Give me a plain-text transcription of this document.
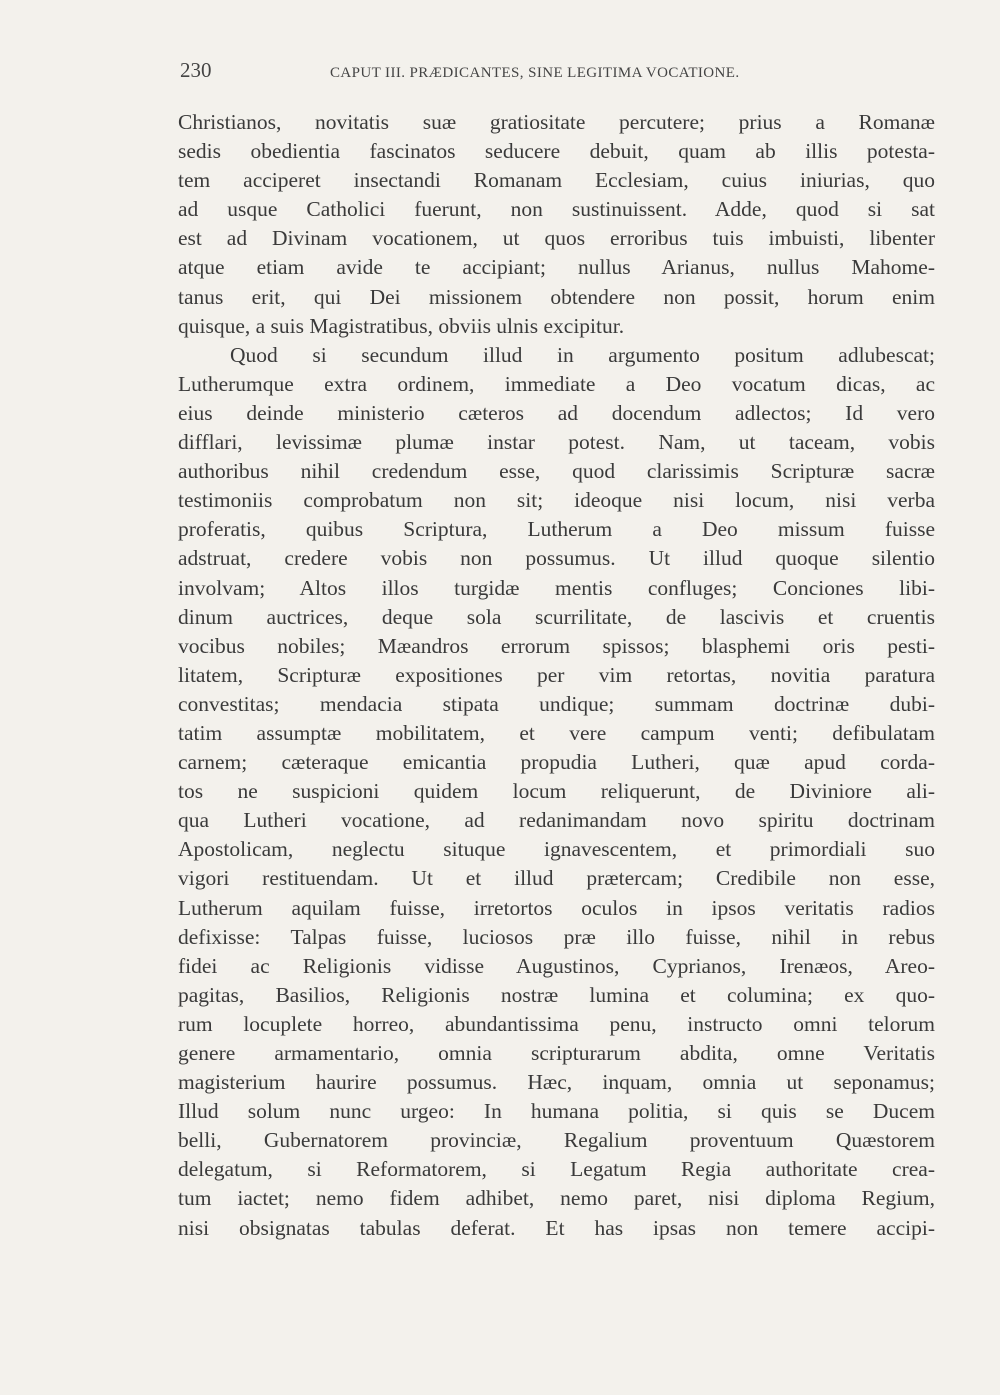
230	CAPUT III. PRÆDICANTES, SINE LEGITIMA VOCATIONE.
Christianos, novitatis suæ gratiositate percutere; prius a Romanæ
sedis obedientia fascinatos seducere debuit, quam ab illis potesta-
tem acciperet insectandi Romanam Ecclesiam, cuius iniurias, quo
ad usque Catholici fuerunt, non sustinuissent. Adde, quod si sat
est ad Divinam vocationem, ut quos erroribus tuis imbuisti, libenter
atque etiam avide te accipiant; nullus Arianus, nullus Mahome-
tanus erit, qui Dei missionem obtendere non possit, horum enim
quisque, a suis Magistratibus, obviis ulnis excipitur.
Quod si secundum illud in argumento positum adlubescat;
Lutherumque extra ordinem, immediate a Deo vocatum dicas, ac
eius deinde ministerio cæteros ad docendum adlectos; Id vero
difflari, levissimæ plumæ instar potest. Nam, ut taceam, vobis
authoribus nihil credendum esse, quod clarissimis Scripturæ sacræ
testimoniis comprobatum non sit; ideoque nisi locum, nisi verba
proferatis, quibus Scriptura, Lutherum a Deo missum fuisse
adstruat, credere vobis non possumus. Ut illud quoque silentio
involvam; Altos illos turgidæ mentis confluges; Conciones libi-
dinum auctrices, deque sola scurrilitate, de lascivis et cruentis
vocibus nobiles; Mæandros errorum spissos; blasphemi oris pesti-
litatem, Scripturæ expositiones per vim retortas, novitia paratura
convestitas; mendacia stipata undique; summam doctrinæ dubi-
tatim assumptæ mobilitatem, et vere campum venti; defibulatam
carnem; cæteraque emicantia propudia Lutheri, quæ apud corda-
tos ne suspicioni quidem locum reliquerunt, de Diviniore ali-
qua Lutheri vocatione, ad redanimandam novo spiritu doctrinam
Apostolicam, neglectu situque ignavescentem, et primordiali suo
vigori restituendam. Ut et illud prætercam; Credibile non esse,
Lutherum aquilam fuisse, irretortos oculos in ipsos veritatis radios
defixisse: Talpas fuisse, luciosos præ illo fuisse, nihil in rebus
fidei ac Religionis vidisse Augustinos, Cyprianos, Irenæos, Areo-
pagitas, Basilios, Religionis nostræ lumina et columina; ex quo-
rum locuplete horreo, abundantissima penu, instructo omni telorum
genere armamentario, omnia scripturarum abdita, omne Veritatis
magisterium haurire possumus. Hæc, inquam, omnia ut seponamus;
Illud solum nunc urgeo: In humana politia, si quis se Ducem
belli, Gubernatorem provinciæ, Regalium proventuum Quæstorem
delegatum, si Reformatorem, si Legatum Regia authoritate crea-
tum iactet; nemo fidem adhibet, nemo paret, nisi diploma Regium,
nisi obsignatas tabulas deferat. Et has ipsas non temere accipi-
